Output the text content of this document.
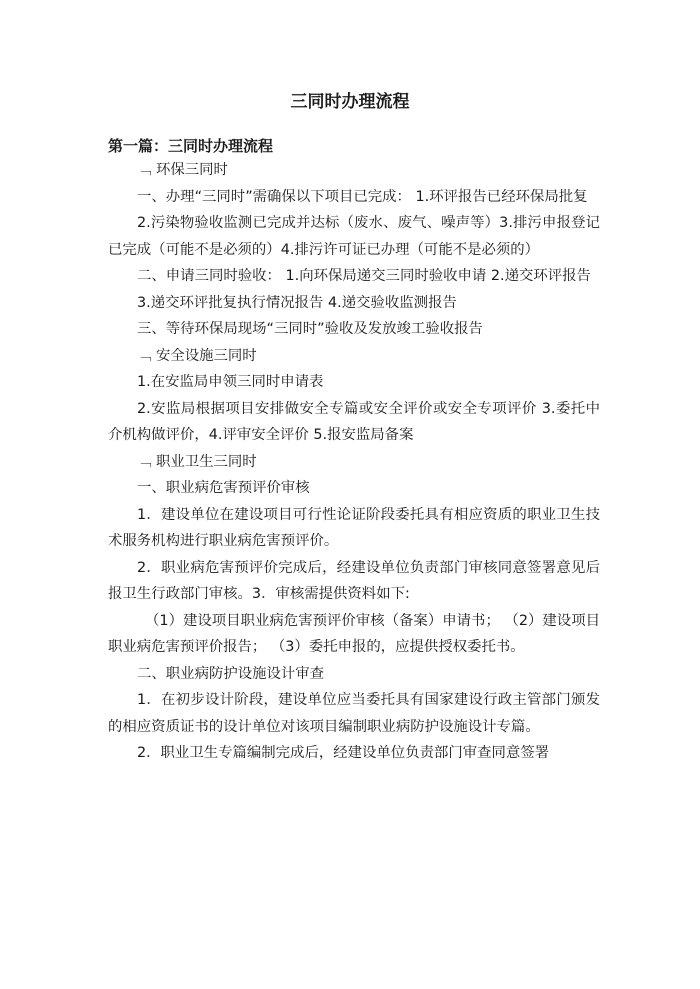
三同时办理流程
第一篇：三同时办理流程

﹁ 环保三同时

一、办理“三同时”需确保以下项目已完成： 1.环评报告已经环保局批复

2.污染物验收监测已完成并达标（废水、废气、噪声等）3.排污申报登记已完成（可能不是必须的）4.排污许可证已办理（可能不是必须的）

二、申请三同时验收： 1.向环保局递交三同时验收申请 2.递交环评报告

3.递交环评批复执行情况报告 4.递交验收监测报告

三、等待环保局现场“三同时”验收及发放竣工验收报告

﹁ 安全设施三同时

1.在安监局申领三同时申请表

2.安监局根据项目安排做安全专篇或安全评价或安全专项评价 3.委托中介机构做评价，4.评审安全评价 5.报安监局备案

﹁ 职业卫生三同时

一、职业病危害预评价审核

1．建设单位在建设项目可行性论证阶段委托具有相应资质的职业卫生技术服务机构进行职业病危害预评价。

2．职业病危害预评价完成后，经建设单位负责部门审核同意签署意见后报卫生行政部门审核。3．审核需提供资料如下:

（1）建设项目职业病危害预评价审核（备案）申请书； （2）建设项目职业病危害预评价报告； （3）委托申报的，应提供授权委托书。

二、职业病防护设施设计审查

1．在初步设计阶段，建设单位应当委托具有国家建设行政主管部门颁发的相应资质证书的设计单位对该项目编制职业病防护设施设计专篇。

2．职业卫生专篇编制完成后，经建设单位负责部门审查同意签署
